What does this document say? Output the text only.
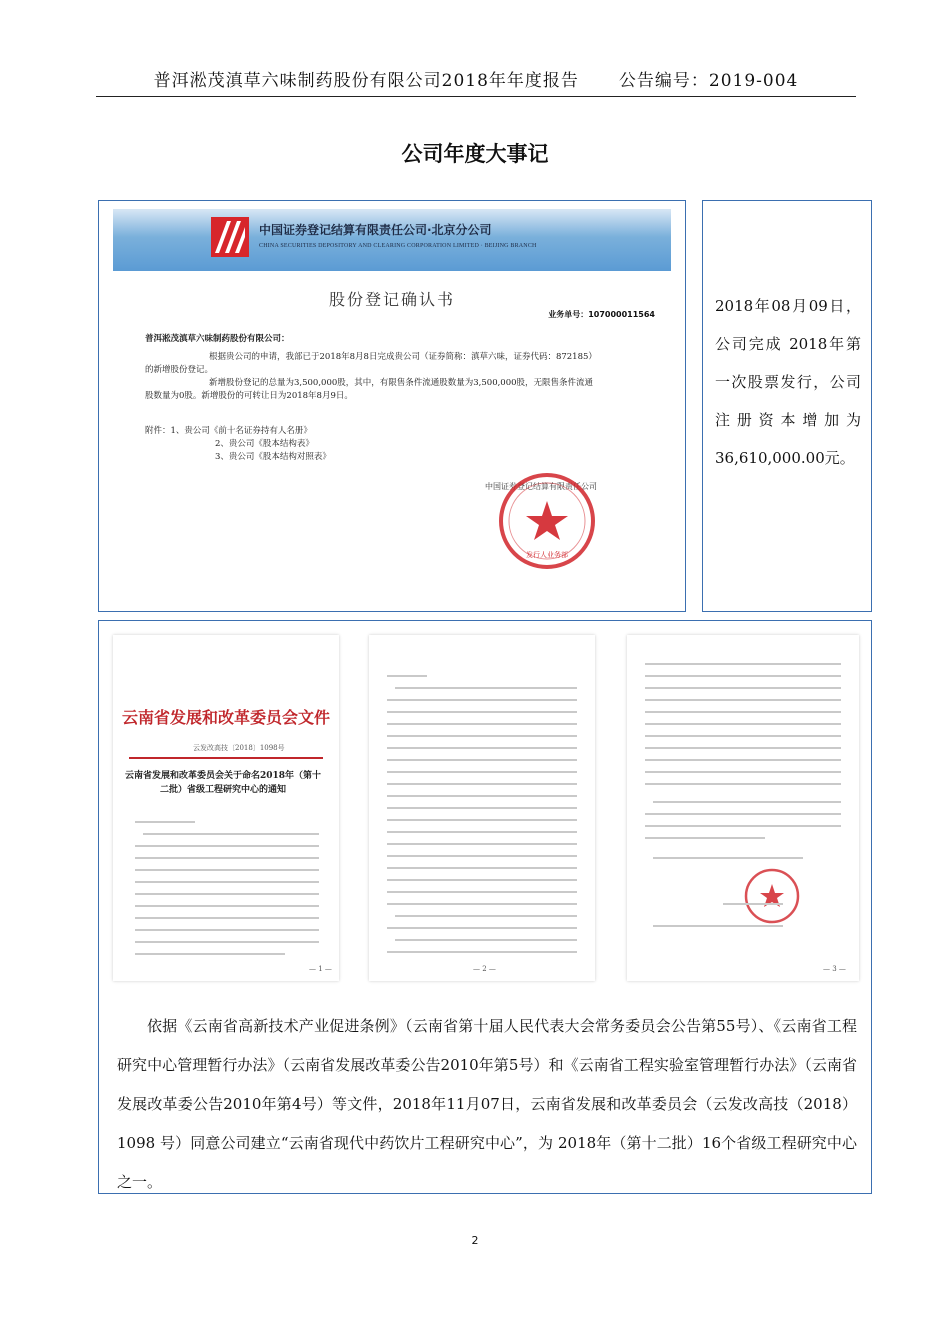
普洱淞茂滇草六味制药股份有限公司2018年年度报告 公告编号：2019-004
公司年度大事记
中国证券登记结算有限责任公司·北京分公司
CHINA SECURITIES DEPOSITORY AND CLEARING CORPORATION LIMITED · BEIJING BRANCH
股份登记确认书
业务单号：107000011564
普洱淞茂滇草六味制药股份有限公司：
根据贵公司的申请，我部已于2018年8月8日完成贵公司（证券简称：滇草六味，证券代码：872185）
的新增股份登记。
新增股份登记的总量为3,500,000股，其中，有限售条件流通股数量为3,500,000股，无限售条件流通
股数量为0股。新增股份的可转让日为2018年8月9日。
附件：1、贵公司《前十名证券持有人名册》
2、贵公司《股本结构表》
3、贵公司《股本结构对照表》
中国证券登记结算有限责任公司
发行人业务部
2018年08月09日，公司完成 2018年第一次股票发行，公司注册资本增加为　36,610,000.00元。
云南省发展和改革委员会文件
云发改高技〔2018〕1098号
云南省发展和改革委员会关于命名2018年（第十二批）省级工程研究中心的通知
— 1 —	— 2 —	— 3 —
依据《云南省高新技术产业促进条例》（云南省第十届人民代表大会常务委员会公告第55号）、《云南省工程研究中心管理暂行办法》（云南省发展改革委公告2010年第5号）和《云南省工程实验室管理暂行办法》（云南省发展改革委公告2010年第4号）等文件，2018年11月07日，云南省发展和改革委员会（云发改高技（2018）1098 号）同意公司建立“云南省现代中药饮片工程研究中心”，为 2018年（第十二批）16个省级工程研究中心之一。
2
